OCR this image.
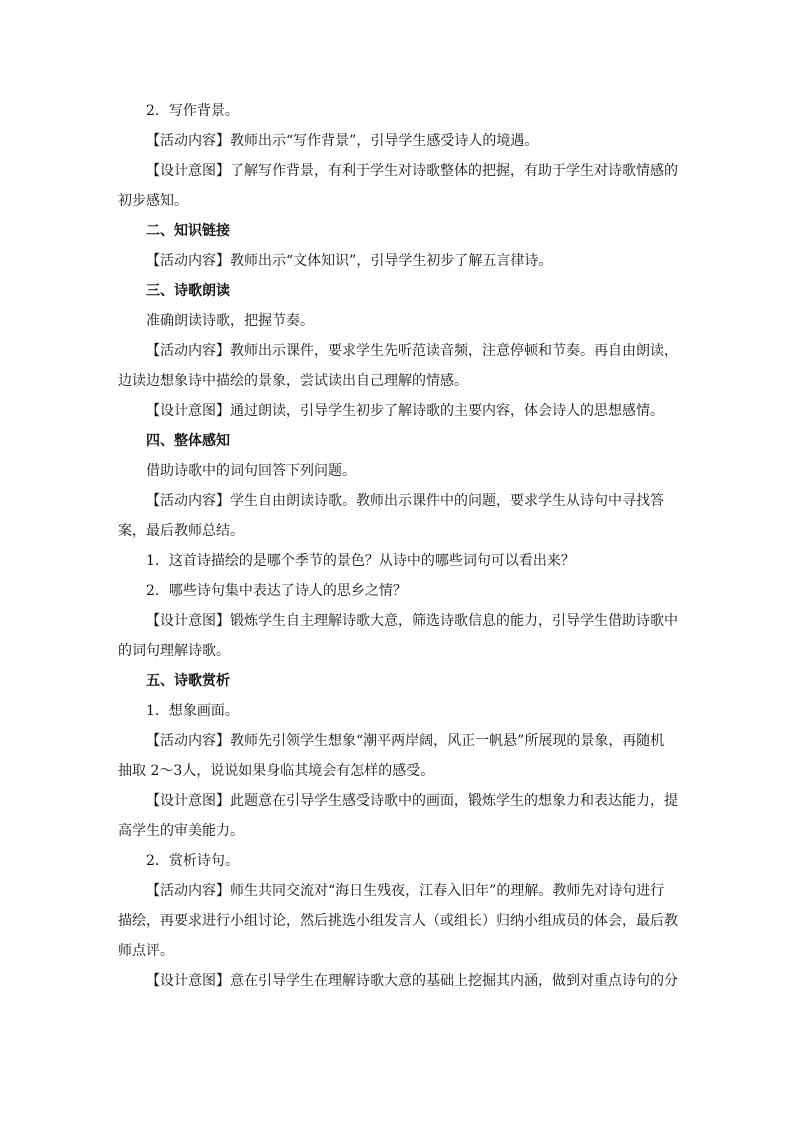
2．写作背景。
【活动内容】教师出示“写作背景”，引导学生感受诗人的境遇。
【设计意图】了解写作背景，有利于学生对诗歌整体的把握，有助于学生对诗歌情感的
初步感知。
二、知识链接
【活动内容】教师出示“文体知识”，引导学生初步了解五言律诗。
三、诗歌朗读
准确朗读诗歌，把握节奏。
【活动内容】教师出示课件，要求学生先听范读音频，注意停顿和节奏。再自由朗读，
边读边想象诗中描绘的景象，尝试读出自己理解的情感。
【设计意图】通过朗读，引导学生初步了解诗歌的主要内容，体会诗人的思想感情。
四、整体感知
借助诗歌中的词句回答下列问题。
【活动内容】学生自由朗读诗歌。教师出示课件中的问题，要求学生从诗句中寻找答
案，最后教师总结。
1．这首诗描绘的是哪个季节的景色？从诗中的哪些词句可以看出来？
2．哪些诗句集中表达了诗人的思乡之情？
【设计意图】锻炼学生自主理解诗歌大意，筛选诗歌信息的能力，引导学生借助诗歌中
的词句理解诗歌。
五、诗歌赏析
1．想象画面。
【活动内容】教师先引领学生想象“潮平两岸阔，风正一帆悬”所展现的景象，再随机
抽取 2～3人，说说如果身临其境会有怎样的感受。
【设计意图】此题意在引导学生感受诗歌中的画面，锻炼学生的想象力和表达能力，提
高学生的审美能力。
2．赏析诗句。
【活动内容】师生共同交流对“海日生残夜，江春入旧年”的理解。教师先对诗句进行
描绘，再要求进行小组讨论，然后挑选小组发言人（或组长）归纳小组成员的体会，最后教
师点评。
【设计意图】意在引导学生在理解诗歌大意的基础上挖掘其内涵，做到对重点诗句的分
